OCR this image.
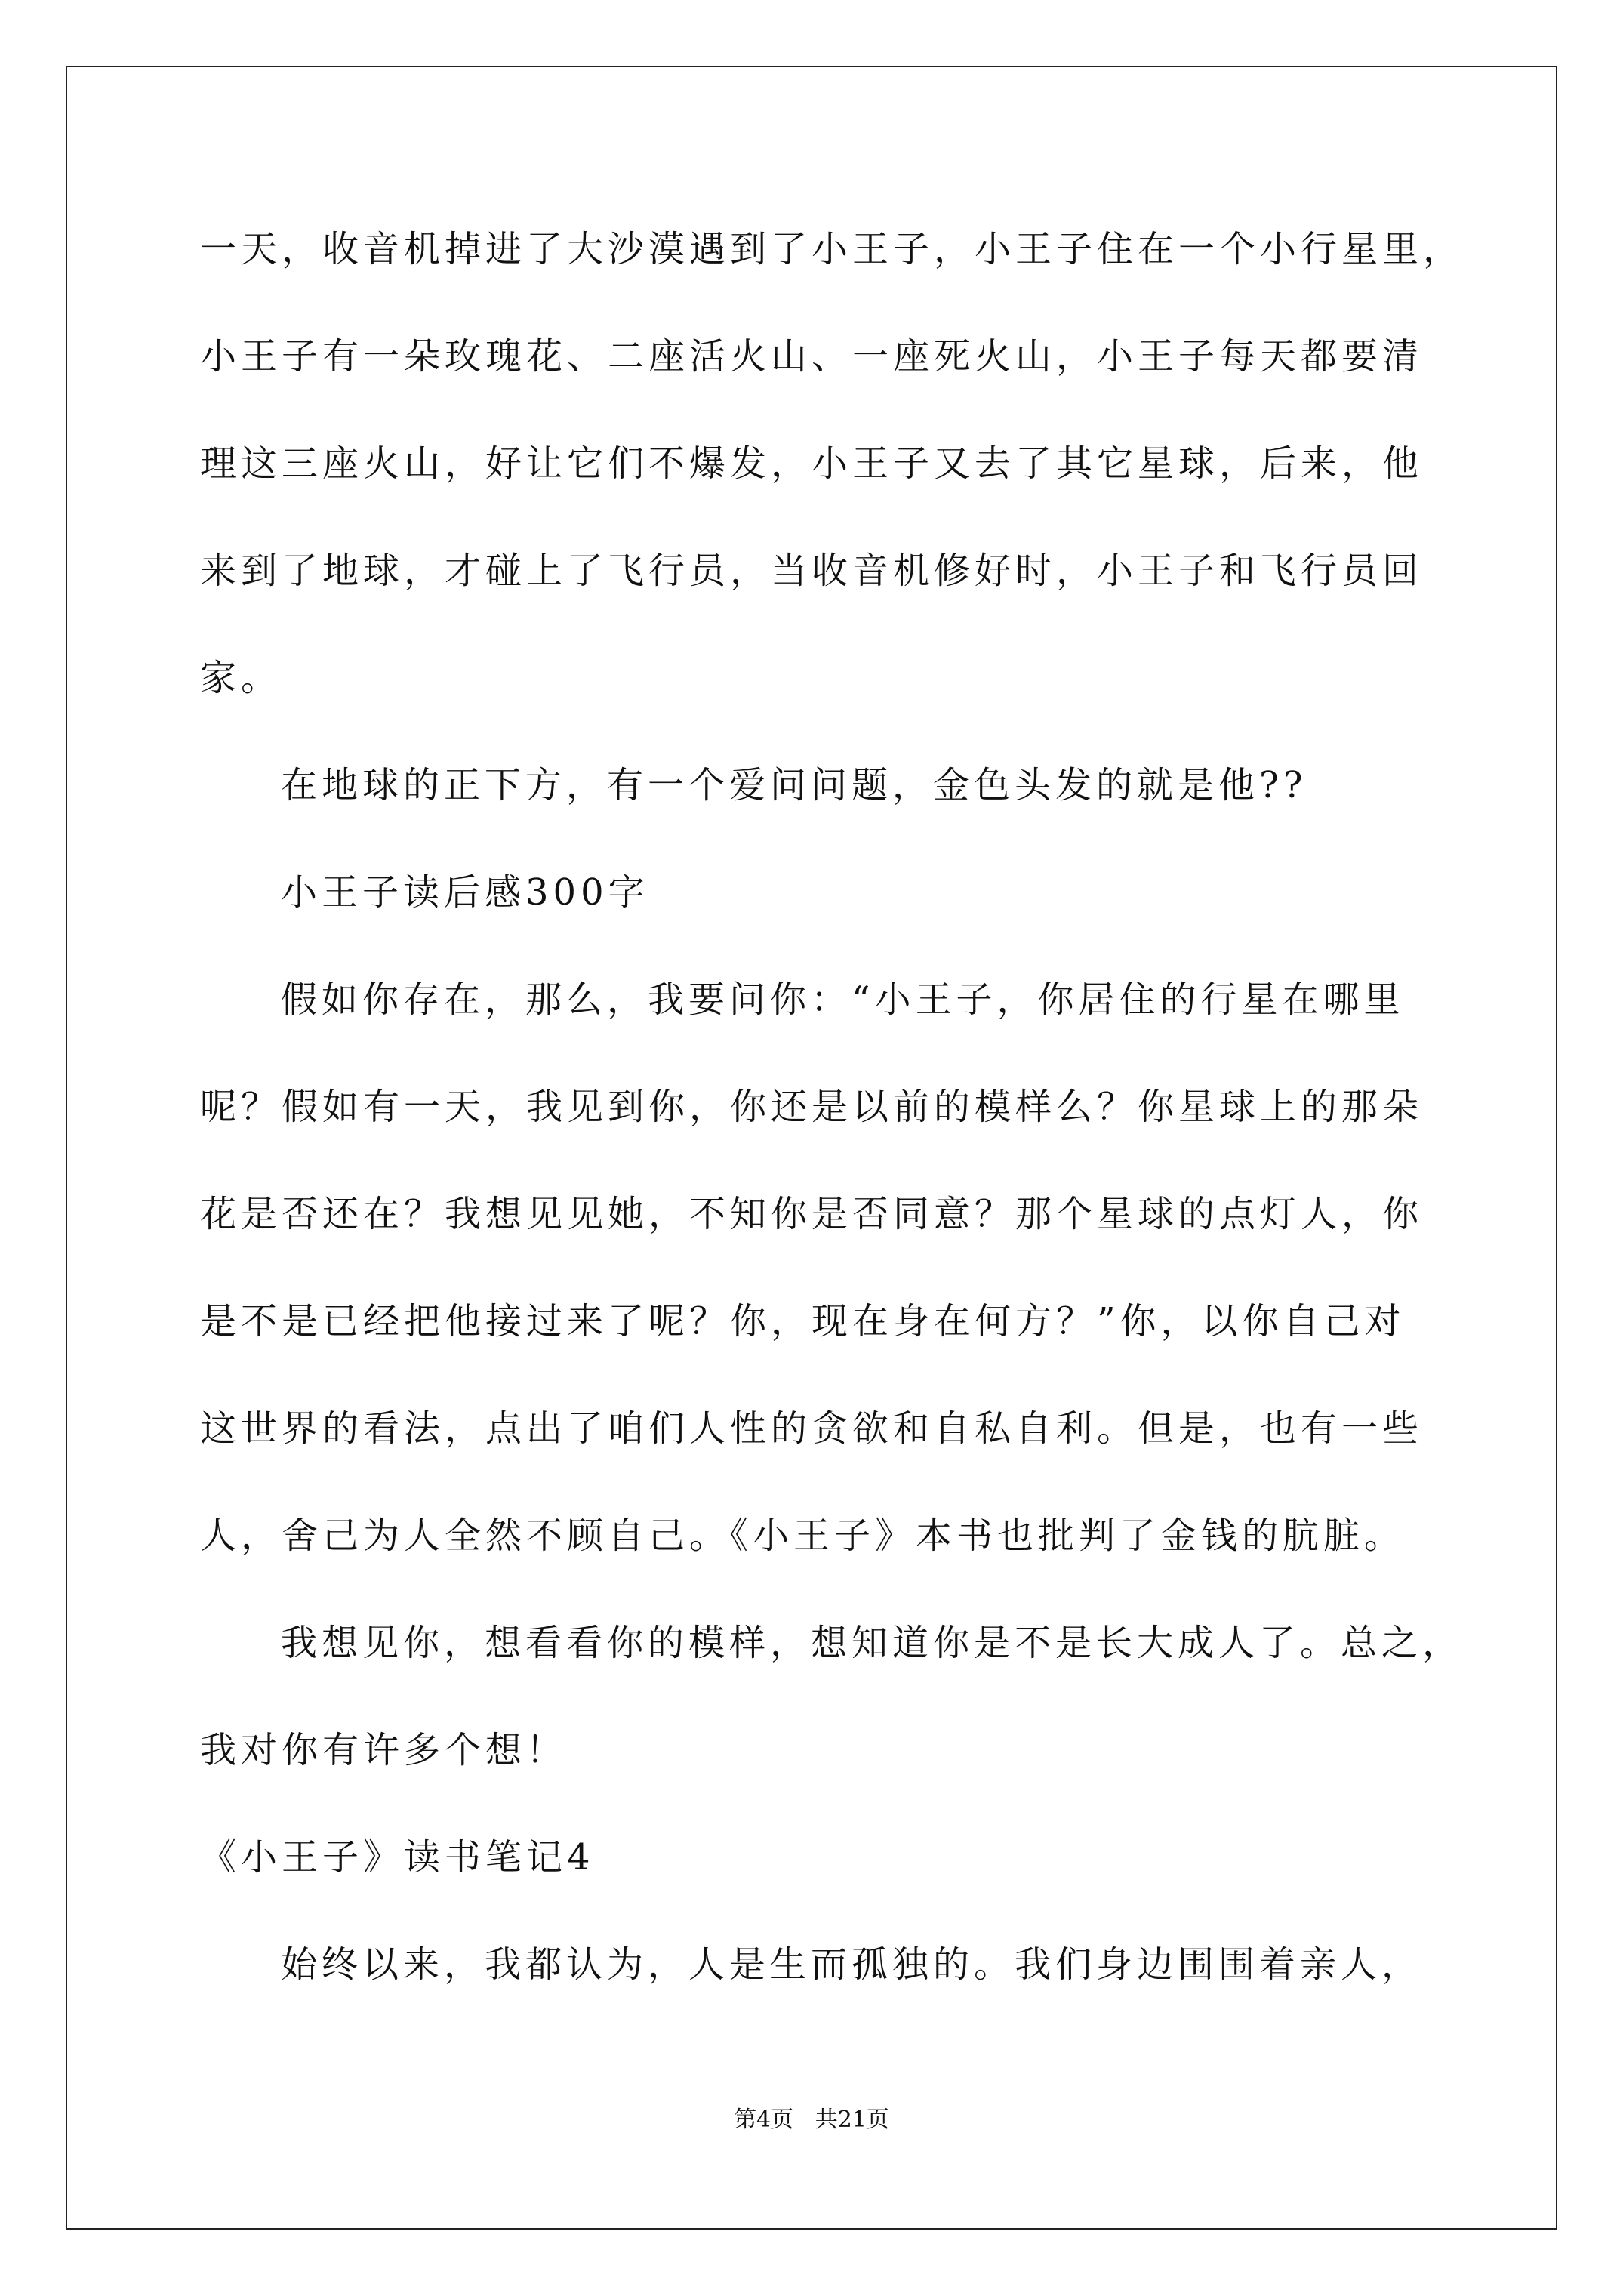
一天，收音机掉进了大沙漠遇到了小王子，小王子住在一个小行星里，
小王子有一朵玫瑰花、二座活火山、一座死火山，小王子每天都要清
理这三座火山，好让它们不爆发，小王子又去了其它星球，后来，他
来到了地球，才碰上了飞行员，当收音机修好时，小王子和飞行员回
家。
在地球的正下方，有一个爱问问题，金色头发的就是他??
小王子读后感300字
假如你存在，那么，我要问你：“小王子，你居住的行星在哪里
呢？假如有一天，我见到你，你还是以前的模样么？你星球上的那朵
花是否还在？我想见见她，不知你是否同意？那个星球的点灯人，你
是不是已经把他接过来了呢？你，现在身在何方？”你，以你自己对
这世界的看法，点出了咱们人性的贪欲和自私自利。但是，也有一些
人，舍己为人全然不顾自己。《小王子》本书也批判了金钱的肮脏。
我想见你，想看看你的模样，想知道你是不是长大成人了。总之，
我对你有许多个想！
《小王子》读书笔记4
始终以来，我都认为，人是生而孤独的。我们身边围围着亲人，
第4页   共21页
